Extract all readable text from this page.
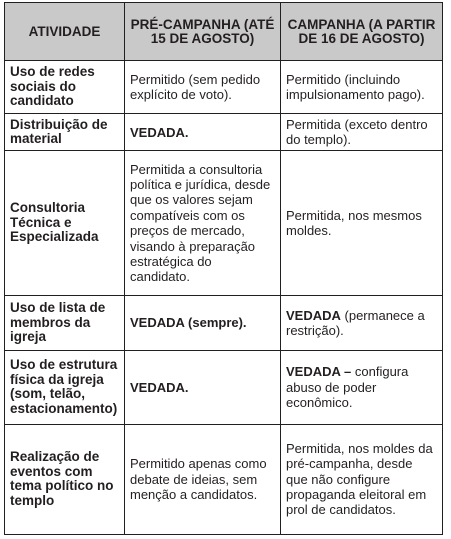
ATIVIDADE	PRÉ-CAMPANHA (ATÉ 15 DE AGOSTO)	CAMPANHA (A PARTIR DE 16 DE AGOSTO)
Uso de redes sociais do candidato	Permitido (sem pedido explícito de voto).	Permitido (incluindo impulsionamento pago).
Distribuição de material	VEDADA.	Permitida (exceto dentro do templo).
Consultoria Técnica e Especializada	Permitida a consultoria política e jurídica, desde que os valores sejam compatíveis com os preços de mercado, visando à preparação estratégica do candidato.	Permitida, nos mesmos moldes.
Uso de lista de membros da igreja	VEDADA (sempre).	VEDADA (permanece a restrição).
Uso de estrutura física da igreja (som, telão, estacionamento)	VEDADA.	VEDADA – configura abuso de poder econômico.
Realização de eventos com tema político no templo	Permitido apenas como debate de ideias, sem menção a candidatos.	Permitida, nos moldes da pré-campanha, desde que não configure propaganda eleitoral em prol de candidatos.
